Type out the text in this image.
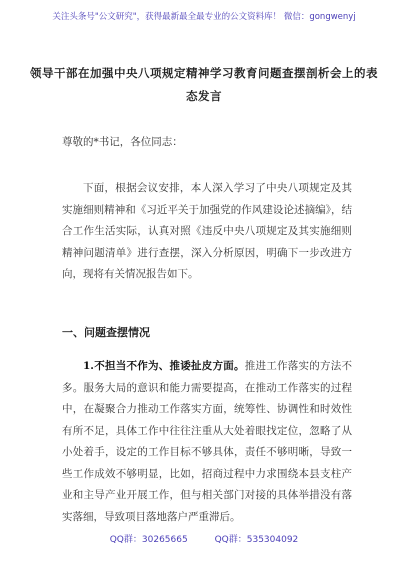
关注头条号"公文研究"，获得最新最全最专业的公文资料库！ 微信：gongwenyj
领导干部在加强中央八项规定精神学习教育问题查摆剖析会上的表态发言
尊敬的*书记，各位同志：
下面，根据会议安排，本人深入学习了中央八项规定及其实施细则精神和《习近平关于加强党的作风建设论述摘编》，结合工作生活实际，认真对照《违反中央八项规定及其实施细则精神问题清单》进行查摆，深入分析原因，明确下一步改进方向，现将有关情况报告如下。
一、问题查摆情况
1.不担当不作为、推诿扯皮方面。推进工作落实的方法不多。服务大局的意识和能力需要提高，在推动工作落实的过程中，在凝聚合力推动工作落实方面，统筹性、协调性和时效性有所不足，具体工作中往往注重从大处着眼找定位，忽略了从小处着手，设定的工作目标不够具体，责任不够明晰，导致一些工作成效不够明显，比如，招商过程中力求围绕本县支柱产业和主导产业开展工作，但与相关部门对接的具体举措没有落实落细，导致项目落地落户严重滞后。
QQ群：30265665	QQ群：535304092
